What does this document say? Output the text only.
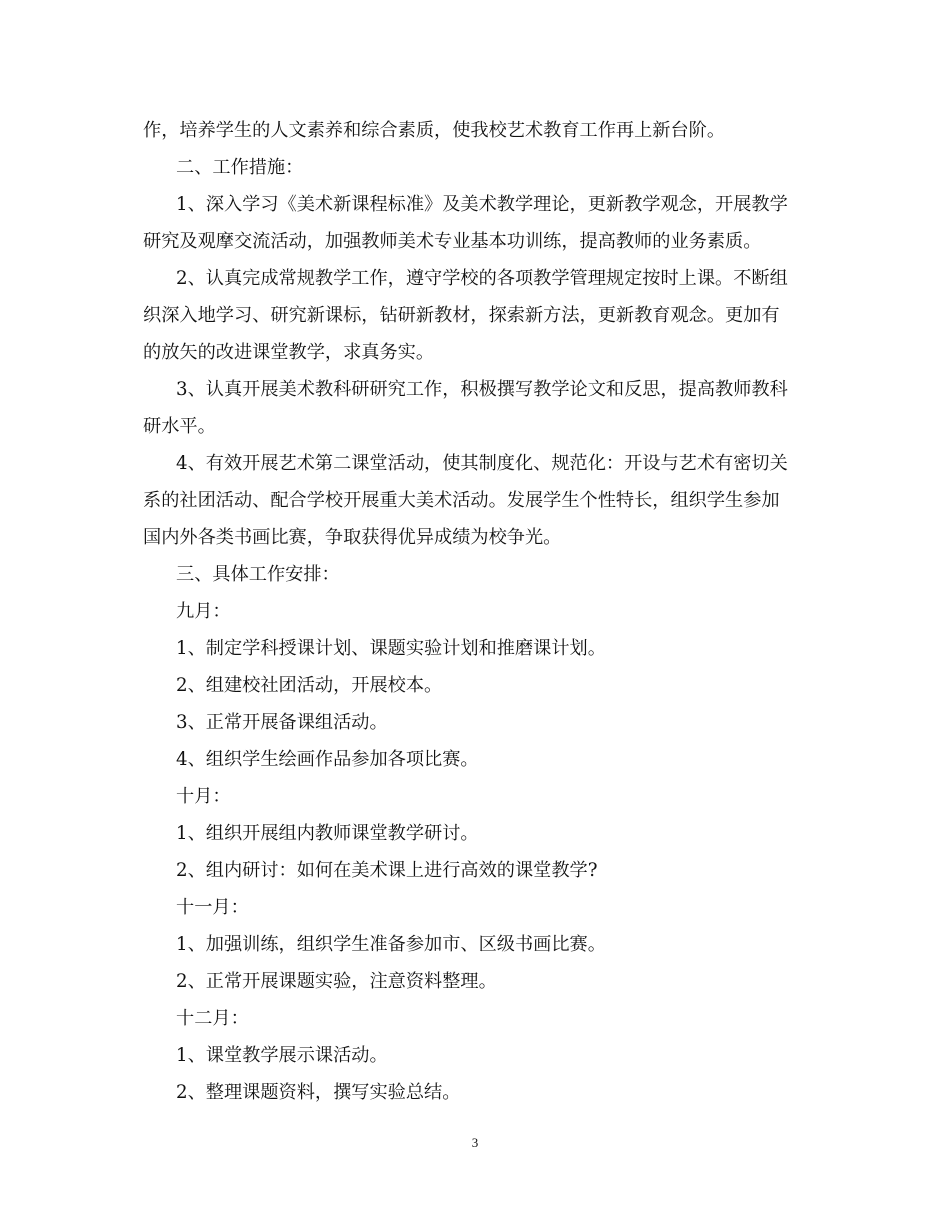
作，培养学生的人文素养和综合素质，使我校艺术教育工作再上新台阶。
二、工作措施：
1、深入学习《美术新课程标准》及美术教学理论，更新教学观念，开展教学
研究及观摩交流活动，加强教师美术专业基本功训练，提高教师的业务素质。
2、认真完成常规教学工作，遵守学校的各项教学管理规定按时上课。不断组
织深入地学习、研究新课标，钻研新教材，探索新方法，更新教育观念。更加有
的放矢的改进课堂教学，求真务实。
3、认真开展美术教科研研究工作，积极撰写教学论文和反思，提高教师教科
研水平。
4、有效开展艺术第二课堂活动，使其制度化、规范化：开设与艺术有密切关
系的社团活动、配合学校开展重大美术活动。发展学生个性特长，组织学生参加
国内外各类书画比赛，争取获得优异成绩为校争光。
三、具体工作安排：
九月：
1、制定学科授课计划、课题实验计划和推磨课计划。
2、组建校社团活动，开展校本。
3、正常开展备课组活动。
4、组织学生绘画作品参加各项比赛。
十月：
1、组织开展组内教师课堂教学研讨。
2、组内研讨：如何在美术课上进行高效的课堂教学?
十一月：
1、加强训练，组织学生准备参加市、区级书画比赛。
2、正常开展课题实验，注意资料整理。
十二月：
1、课堂教学展示课活动。
2、整理课题资料，撰写实验总结。
3
